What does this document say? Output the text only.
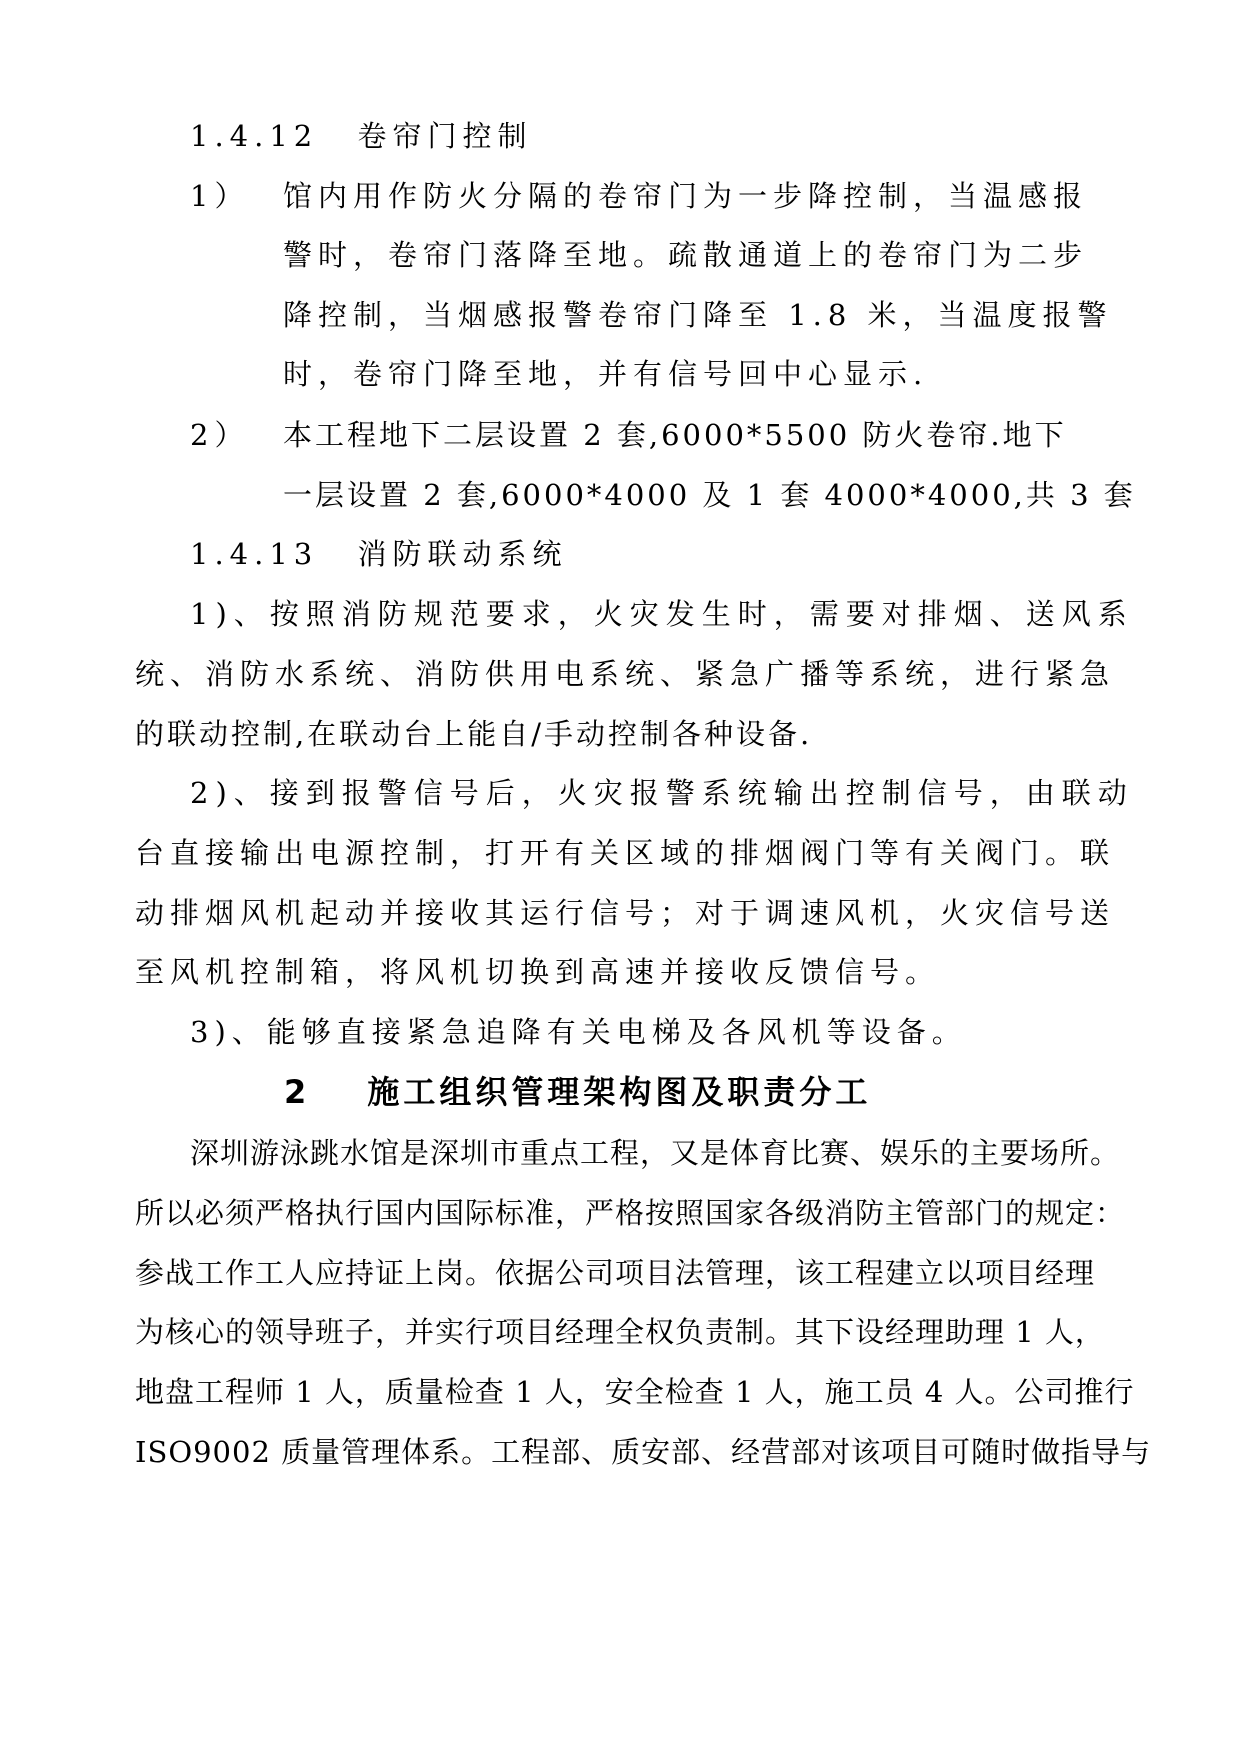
1.4.12 卷帘门控制
1） 馆内用作防火分隔的卷帘门为一步降控制，当温感报
警时，卷帘门落降至地。疏散通道上的卷帘门为二步
降控制，当烟感报警卷帘门降至 1.8 米，当温度报警
时，卷帘门降至地，并有信号回中心显示.
2） 本工程地下二层设置 2 套,6000*5500 防火卷帘.地下
一层设置 2 套,6000*4000 及 1 套 4000*4000,共 3 套
1.4.13 消防联动系统
1)、按照消防规范要求，火灾发生时，需要对排烟、送风系
统、消防水系统、消防供用电系统、紧急广播等系统，进行紧急
的联动控制,在联动台上能自/手动控制各种设备.
2)、接到报警信号后，火灾报警系统输出控制信号，由联动
台直接输出电源控制，打开有关区域的排烟阀门等有关阀门。联
动排烟风机起动并接收其运行信号；对于调速风机，火灾信号送
至风机控制箱，将风机切换到高速并接收反馈信号。
3)、能够直接紧急追降有关电梯及各风机等设备。
2 施工组织管理架构图及职责分工
深圳游泳跳水馆是深圳市重点工程，又是体育比赛、娱乐的主要场所。
所以必须严格执行国内国际标准，严格按照国家各级消防主管部门的规定：
参战工作工人应持证上岗。依据公司项目法管理，该工程建立以项目经理
为核心的领导班子，并实行项目经理全权负责制。其下设经理助理 1 人，
地盘工程师 1 人，质量检查 1 人，安全检查 1 人，施工员 4 人。公司推行
ISO9002 质量管理体系。工程部、质安部、经营部对该项目可随时做指导与
